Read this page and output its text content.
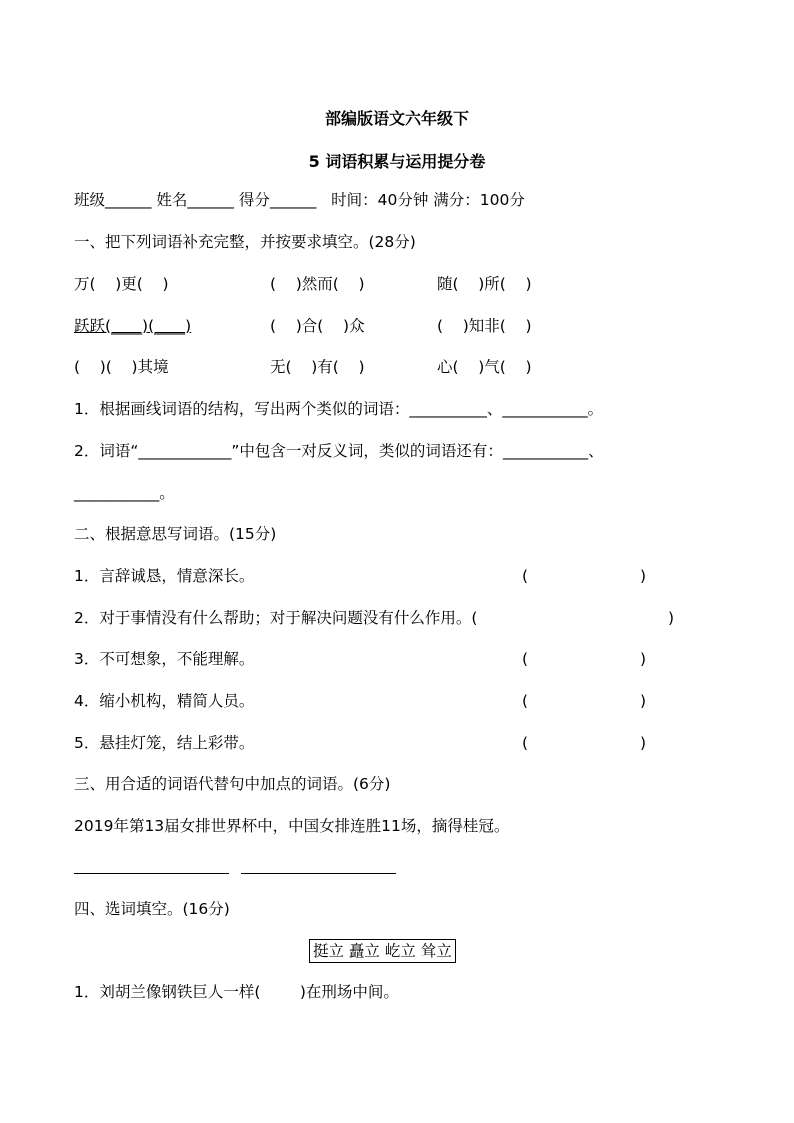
部编版语文六年级下
5 词语积累与运用提分卷
班级______ 姓名______ 得分______   时间：40分钟 满分：100分
一、把下列词语补充完整，并按要求填空。(28分)
万(    )更(    )	(    )然而(    )	随(    )所(    )
跃跃(____)(____)	(    )合(    )众	(    )知非(    )
(    )(    )其境	无(    )有(    )	心(    )气(    )
1．根据画线词语的结构，写出两个类似的词语：__________、___________。
2．词语“____________”中包含一对反义词，类似的词语还有：___________、
___________。
二、根据意思写词语。(15分)
1．言辞诚恳，情意深长。	(	)
2．对于事情没有什么帮助；对于解决问题没有什么作用。(	)
3．不可想象，不能理解。	(	)
4．缩小机构，精简人员。	(	)
5．悬挂灯笼，结上彩带。	(	)
三、用合适的词语代替句中加点的词语。(6分)
2019年第13届女排世界杯中，中国女排连胜11场，摘得桂冠。
四、选词填空。(16分)
挺立 矗立 屹立 耸立
1．刘胡兰像钢铁巨人一样(        )在刑场中间。
